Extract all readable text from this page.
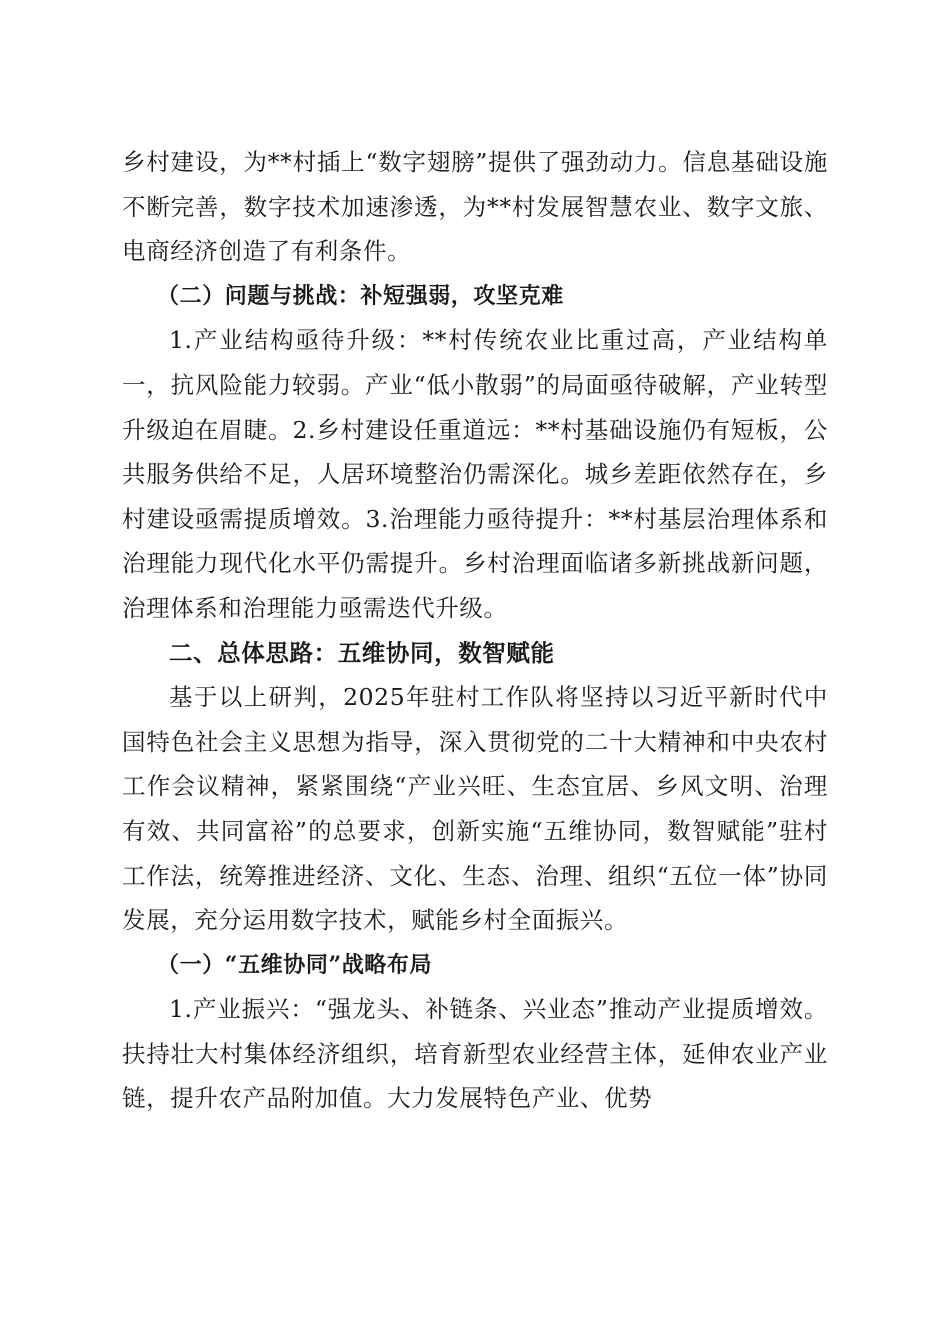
乡村建设，为**村插上“数字翅膀”提供了强劲动力。信息基础设施不断完善，数字技术加速渗透，为**村发展智慧农业、数字文旅、电商经济创造了有利条件。

（二）问题与挑战：补短强弱，攻坚克难

1.产业结构亟待升级：**村传统农业比重过高，产业结构单一，抗风险能力较弱。产业“低小散弱”的局面亟待破解，产业转型升级迫在眉睫。2.乡村建设任重道远：**村基础设施仍有短板，公共服务供给不足，人居环境整治仍需深化。城乡差距依然存在，乡村建设亟需提质增效。3.治理能力亟待提升：**村基层治理体系和治理能力现代化水平仍需提升。乡村治理面临诸多新挑战新问题，治理体系和治理能力亟需迭代升级。

二、总体思路：五维协同，数智赋能

基于以上研判，2025年驻村工作队将坚持以习近平新时代中国特色社会主义思想为指导，深入贯彻党的二十大精神和中央农村工作会议精神，紧紧围绕“产业兴旺、生态宜居、乡风文明、治理有效、共同富裕”的总要求，创新实施“五维协同，数智赋能”驻村工作法，统筹推进经济、文化、生态、治理、组织“五位一体”协同发展，充分运用数字技术，赋能乡村全面振兴。

（一）“五维协同”战略布局

1.产业振兴：“强龙头、补链条、兴业态”推动产业提质增效。扶持壮大村集体经济组织，培育新型农业经营主体，延伸农业产业链，提升农产品附加值。大力发展特色产业、优势
